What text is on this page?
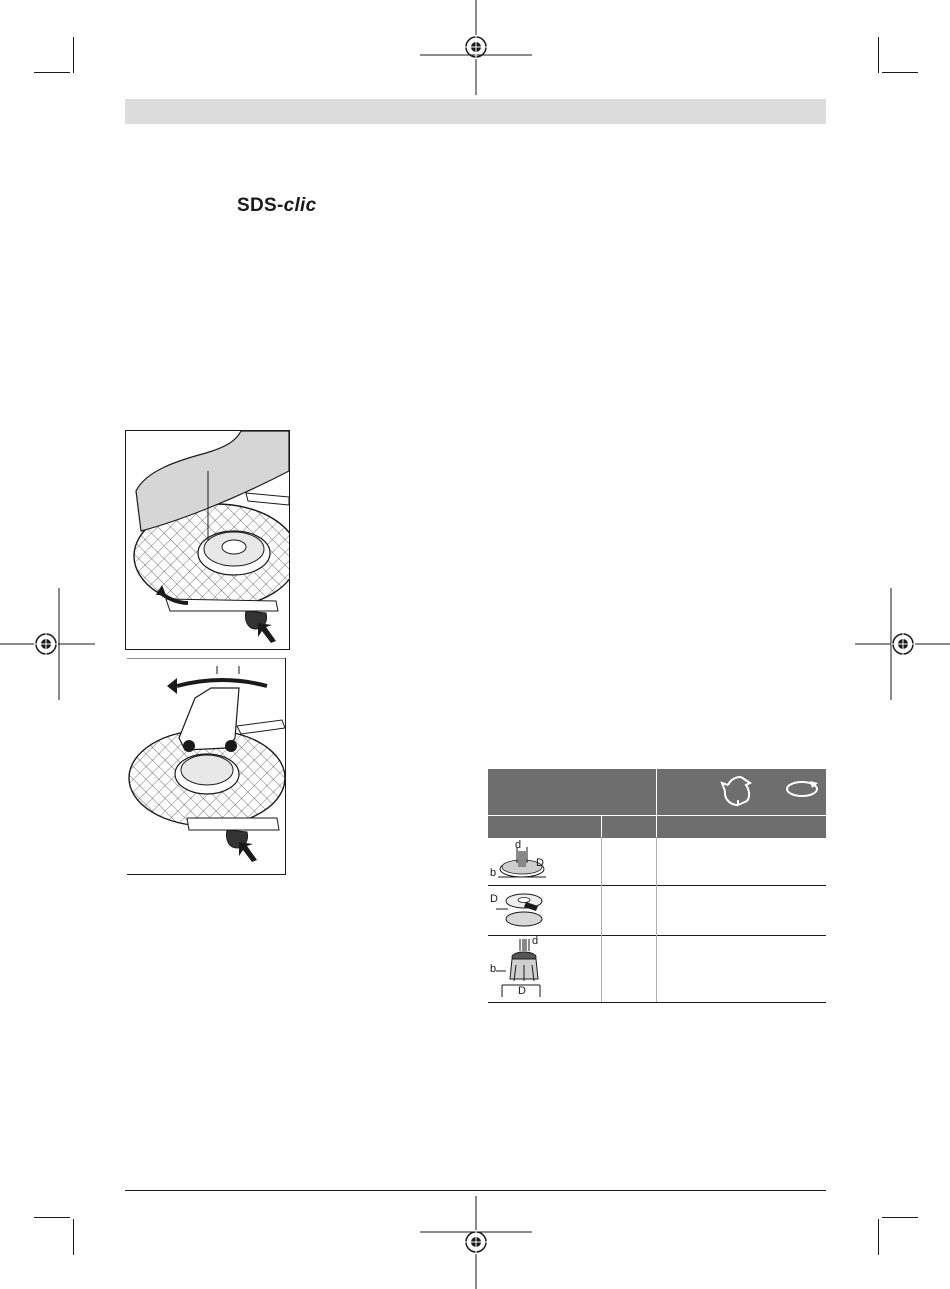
SDS-clic
d
D
b
D
d
b
D
